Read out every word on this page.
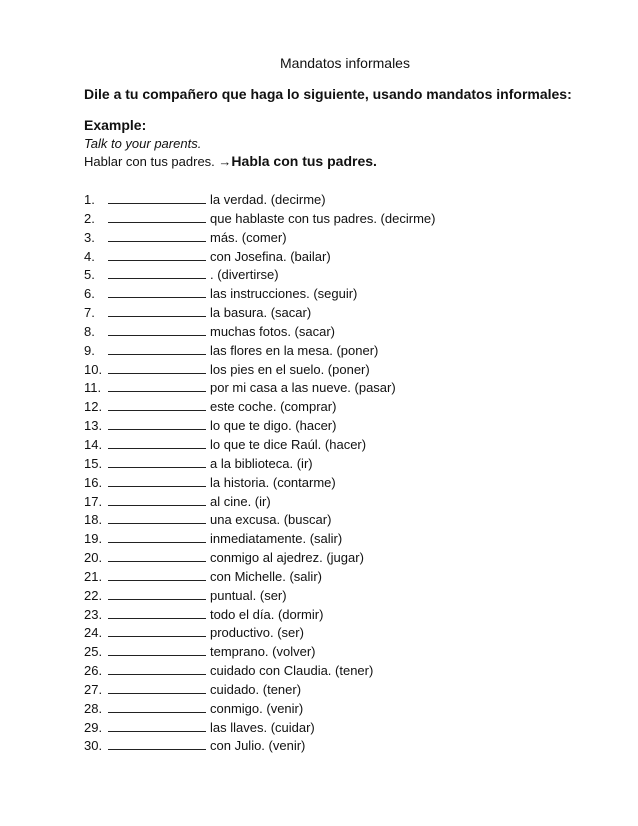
Mandatos informales
Dile a tu compañero que haga lo siguiente, usando mandatos informales:
Example:
Talk to your parents.
Hablar con tus padres. →Habla con tus padres.
1.	la verdad. (decirme)
2.	que hablaste con tus padres. (decirme)
3.	más. (comer)
4.	con Josefina. (bailar)
5.	. (divertirse)
6.	las instrucciones. (seguir)
7.	la basura. (sacar)
8.	muchas fotos. (sacar)
9.	las flores en la mesa. (poner)
10.	los pies en el suelo. (poner)
11.	por mi casa a las nueve. (pasar)
12.	este coche. (comprar)
13.	lo que te digo. (hacer)
14.	lo que te dice Raúl. (hacer)
15.	a la biblioteca. (ir)
16.	la historia. (contarme)
17.	al cine. (ir)
18.	una excusa. (buscar)
19.	inmediatamente. (salir)
20.	conmigo al ajedrez. (jugar)
21.	con Michelle. (salir)
22.	puntual. (ser)
23.	todo el día. (dormir)
24.	productivo. (ser)
25.	temprano. (volver)
26.	cuidado con Claudia. (tener)
27.	cuidado. (tener)
28.	conmigo. (venir)
29.	las llaves. (cuidar)
30.	con Julio. (venir)
